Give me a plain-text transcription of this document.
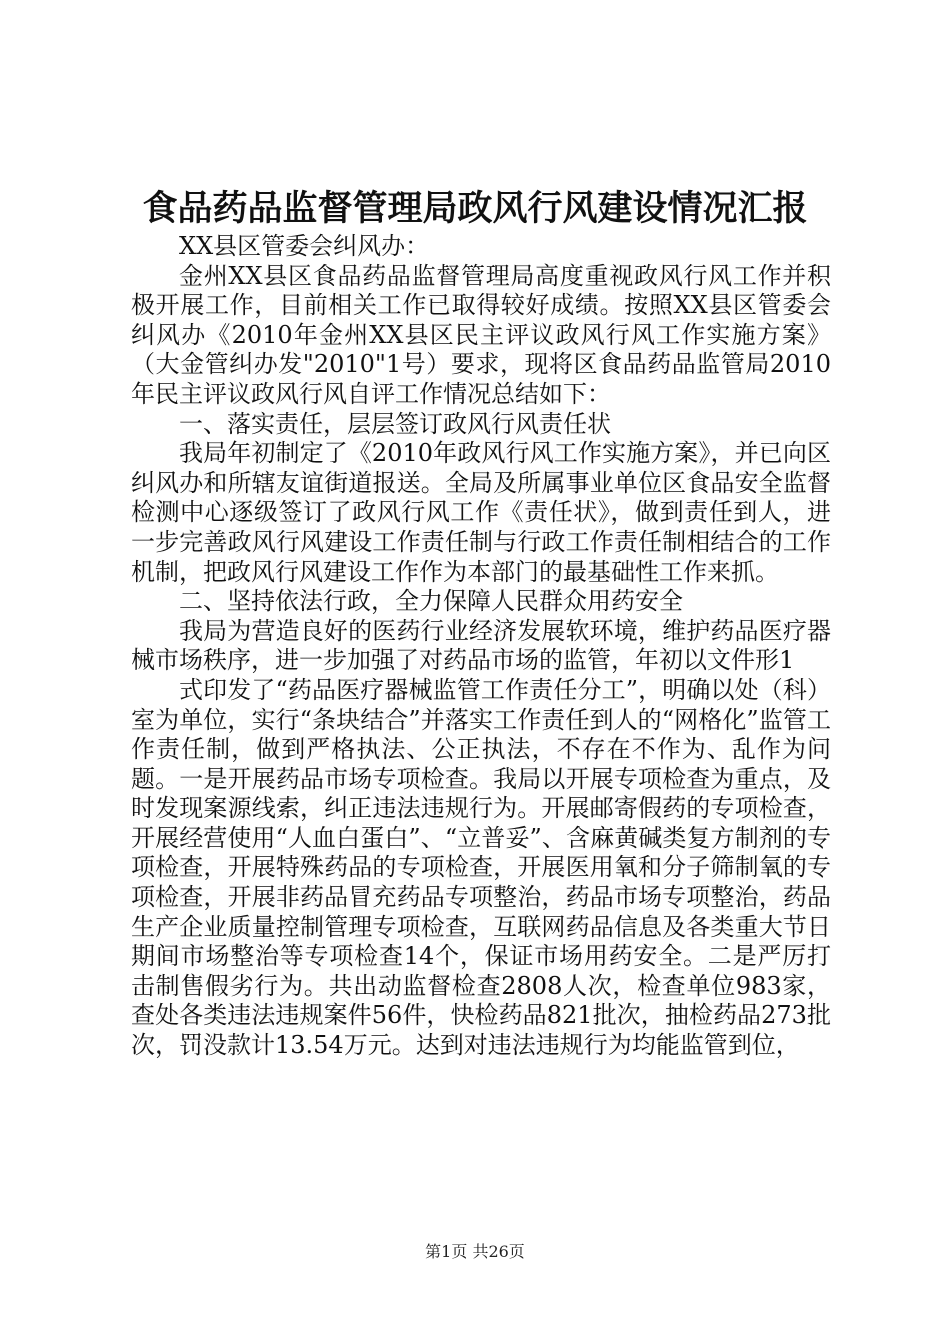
食品药品监督管理局政风行风建设情况汇报

XX县区管委会纠风办：

金州XX县区食品药品监督管理局高度重视政风行风工作并积极开展工作，目前相关工作已取得较好成绩。按照XX县区管委会纠风办《2010年金州XX县区民主评议政风行风工作实施方案》（大金管纠办发"2010"1号）要求，现将区食品药品监管局2010年民主评议政风行风自评工作情况总结如下：

一、落实责任，层层签订政风行风责任状

我局年初制定了《2010年政风行风工作实施方案》，并已向区纠风办和所辖友谊街道报送。全局及所属事业单位区食品安全监督检测中心逐级签订了政风行风工作《责任状》，做到责任到人，进一步完善政风行风建设工作责任制与行政工作责任制相结合的工作机制，把政风行风建设工作作为本部门的最基础性工作来抓。

二、坚持依法行政，全力保障人民群众用药安全

我局为营造良好的医药行业经济发展软环境，维护药品医疗器械市场秩序，进一步加强了对药品市场的监管，年初以文件形1

式印发了“药品医疗器械监管工作责任分工”，明确以处（科）室为单位，实行“条块结合”并落实工作责任到人的“网格化”监管工作责任制，做到严格执法、公正执法，不存在不作为、乱作为问题。一是开展药品市场专项检查。我局以开展专项检查为重点，及时发现案源线索，纠正违法违规行为。开展邮寄假药的专项检查，开展经营使用“人血白蛋白”、“立普妥”、含麻黄碱类复方制剂的专项检查，开展特殊药品的专项检查，开展医用氧和分子筛制氧的专项检查，开展非药品冒充药品专项整治，药品市场专项整治，药品生产企业质量控制管理专项检查，互联网药品信息及各类重大节日期间市场整治等专项检查14个，保证市场用药安全。二是严厉打击制售假劣行为。共出动监督检查2808人次，检查单位983家，查处各类违法违规案件56件，快检药品821批次，抽检药品273批次，罚没款计13.54万元。达到对违法违规行为均能监管到位，

第1页 共26页
